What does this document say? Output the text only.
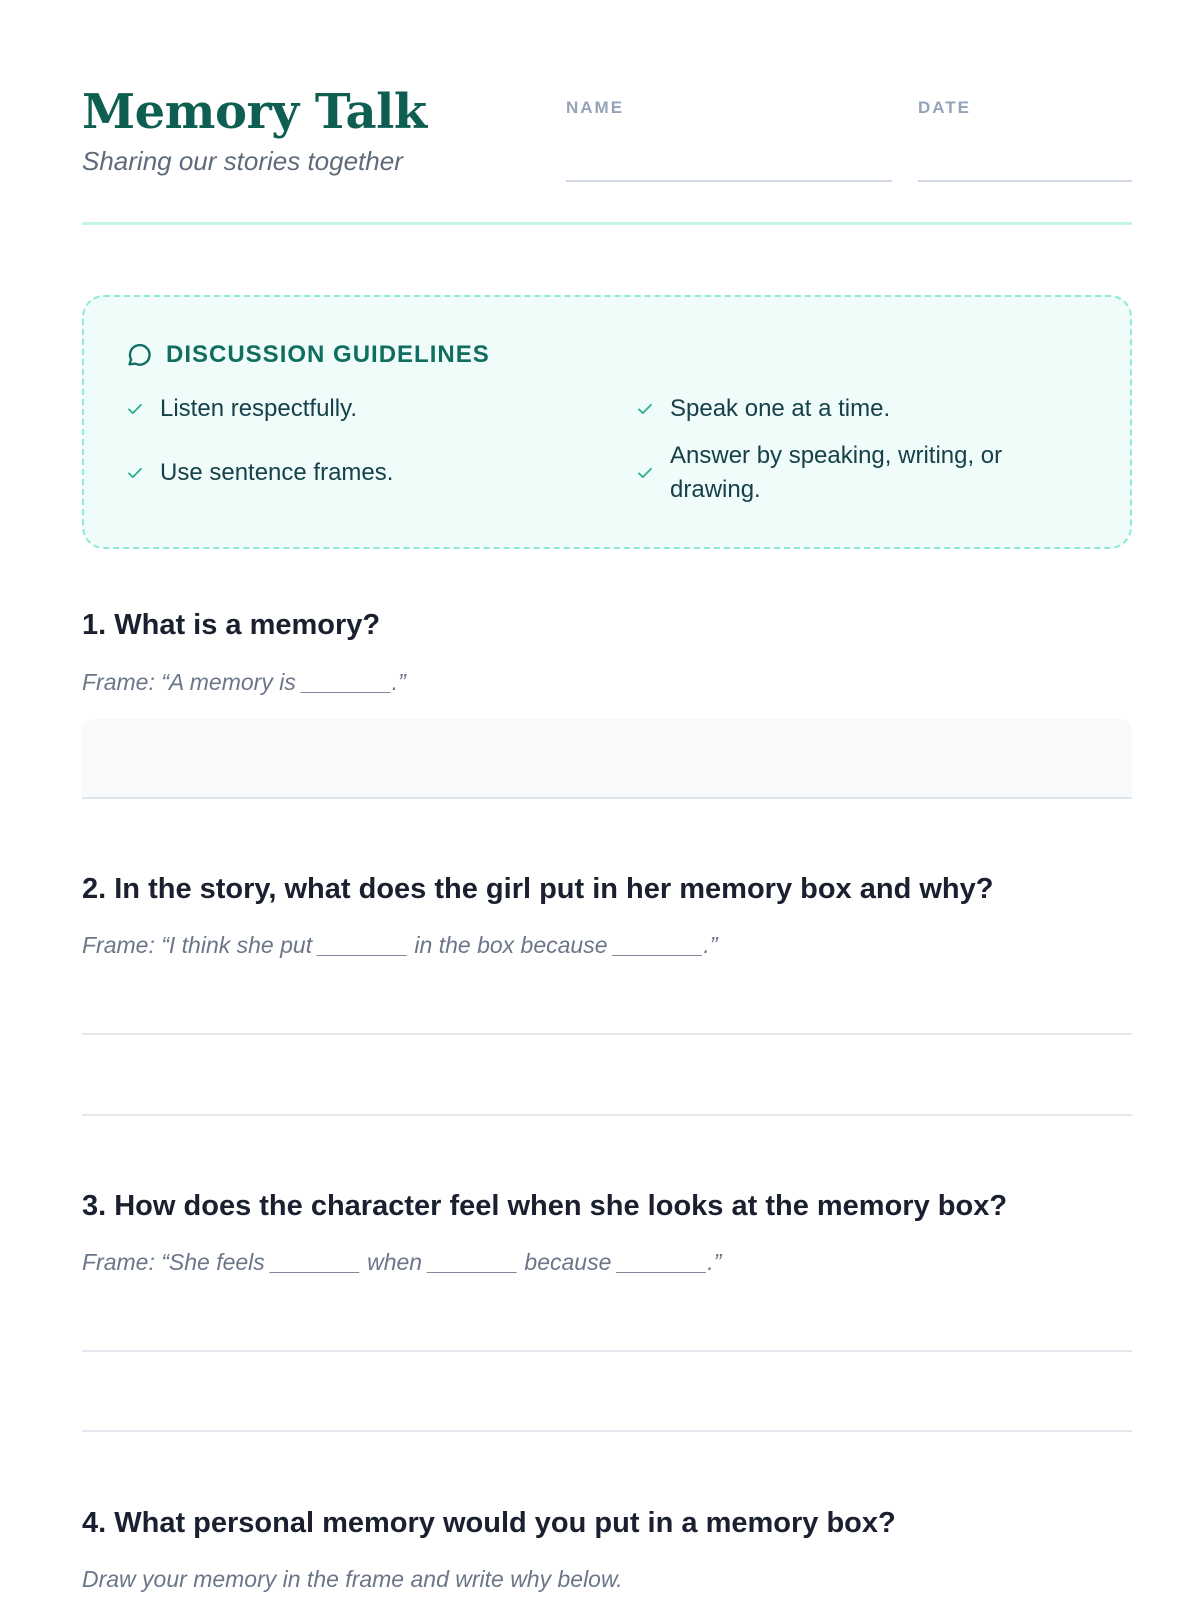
Memory Talk
Sharing our stories together
NAME	DATE
DISCUSSION GUIDELINES
Listen respectfully.	Speak one at a time.
Use sentence frames.
Answer by speaking, writing, or drawing.
1. What is a memory?
Frame: “A memory is _______.”
2. In the story, what does the girl put in her memory box and why?
Frame: “I think she put _______ in the box because _______.”
3. How does the character feel when she looks at the memory box?
Frame: “She feels _______ when _______ because _______.”
4. What personal memory would you put in a memory box?
Draw your memory in the frame and write why below.
